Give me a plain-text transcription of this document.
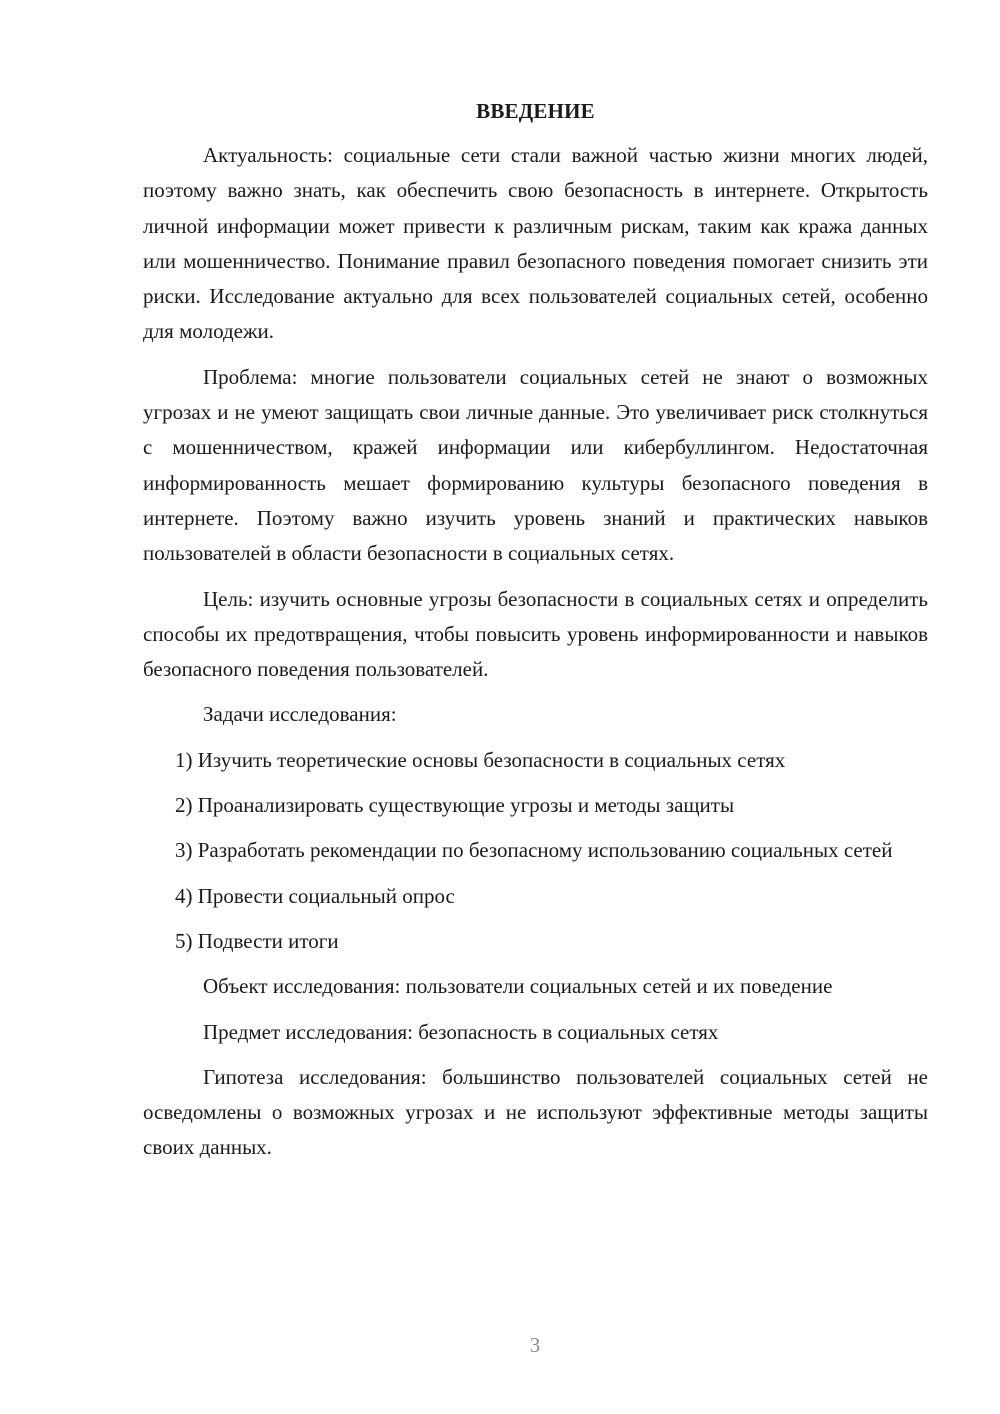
ВВЕДЕНИЕ

Актуальность: социальные сети стали важной частью жизни многих людей, поэтому важно знать, как обеспечить свою безопасность в интернете. Открытость личной информации может привести к различным рискам, таким как кража данных или мошенничество. Понимание правил безопасного поведения помогает снизить эти риски. Исследование актуально для всех пользователей социальных сетей, особенно для молодежи.

Проблема: многие пользователи социальных сетей не знают о возможных угрозах и не умеют защищать свои личные данные. Это увеличивает риск столкнуться с мошенничеством, кражей информации или кибербуллингом. Недостаточная информированность мешает формированию культуры безопасного поведения в интернете. Поэтому важно изучить уровень знаний и практических навыков пользователей в области безопасности в социальных сетях.

Цель: изучить основные угрозы безопасности в социальных сетях и определить способы их предотвращения, чтобы повысить уровень информированности и навыков безопасного поведения пользователей.

Задачи исследования:

1) Изучить теоретические основы безопасности в социальных сетях

2) Проанализировать существующие угрозы и методы защиты

3) Разработать рекомендации по безопасному использованию социальных сетей

4) Провести социальный опрос

5) Подвести итоги

Объект исследования: пользователи социальных сетей и их поведение

Предмет исследования: безопасность в социальных сетях

Гипотеза исследования: большинство пользователей социальных сетей не осведомлены о возможных угрозах и не используют эффективные методы защиты своих данных.

3
